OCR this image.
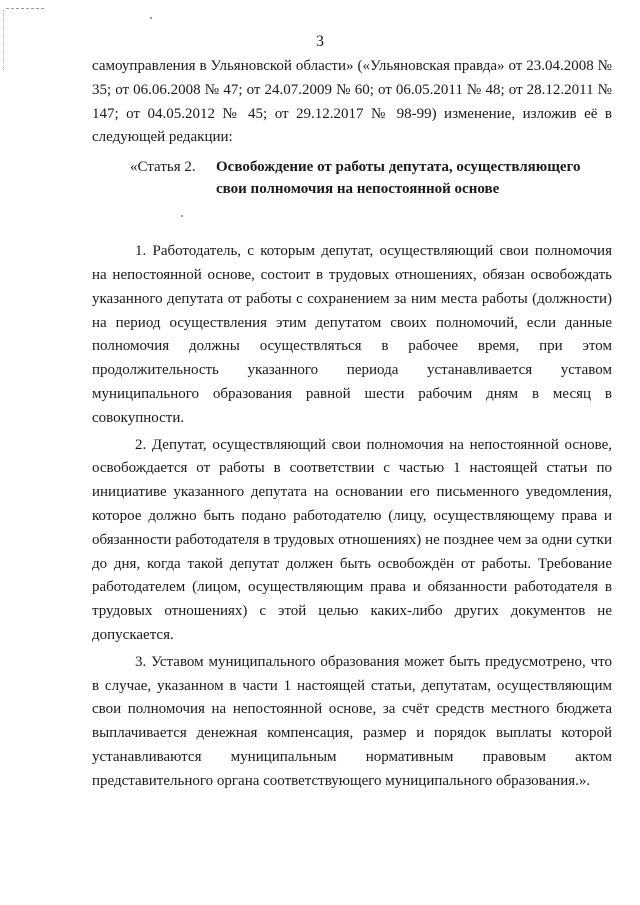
3

самоуправления в Ульяновской области» («Ульяновская правда» от 23.04.2008 № 35; от 06.06.2008 № 47; от 24.07.2009 № 60; от 06.05.2011 № 48; от 28.12.2011 № 147; от 04.05.2012 № 45; от 29.12.2017 № 98-99) изменение, изложив её в следующей редакции:

«Статья 2.	Освобождение от работы депутата, осуществляющего свои полномочия на непостоянной основе

1. Работодатель, с которым депутат, осуществляющий свои полномочия на непостоянной основе, состоит в трудовых отношениях, обязан освобождать указанного депутата от работы с сохранением за ним места работы (должности) на период осуществления этим депутатом своих полномочий, если данные полномочия должны осуществляться в рабочее время, при этом продолжительность указанного периода устанавливается уставом муниципального образования равной шести рабочим дням в месяц в совокупности.

2. Депутат, осуществляющий свои полномочия на непостоянной основе, освобождается от работы в соответствии с частью 1 настоящей статьи по инициативе указанного депутата на основании его письменного уведомления, которое должно быть подано работодателю (лицу, осуществляющему права и обязанности работодателя в трудовых отношениях) не позднее чем за одни сутки до дня, когда такой депутат должен быть освобождён от работы. Требование работодателем (лицом, осуществляющим права и обязанности работодателя в трудовых отношениях) с этой целью каких-либо других документов не допускается.

3. Уставом муниципального образования может быть предусмотрено, что в случае, указанном в части 1 настоящей статьи, депутатам, осуществляющим свои полномочия на непостоянной основе, за счёт средств местного бюджета выплачивается денежная компенсация, размер и порядок выплаты которой устанавливаются муниципальным нормативным правовым актом представительного органа соответствующего муниципального образования.».
